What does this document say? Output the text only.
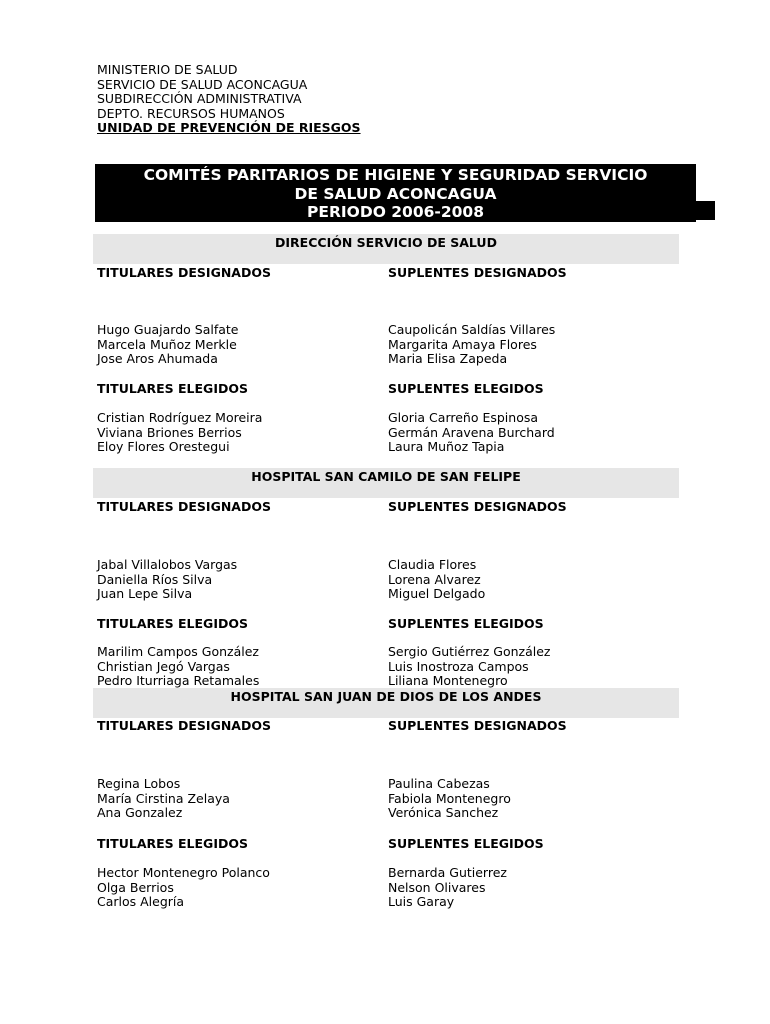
MINISTERIO DE SALUD
SERVICIO DE SALUD ACONCAGUA
SUBDIRECCIÓN ADMINISTRATIVA
DEPTO. RECURSOS HUMANOS
UNIDAD DE PREVENCIÓN DE RIESGOS
COMITÉS PARITARIOS DE HIGIENE Y SEGURIDAD SERVICIO
DE SALUD ACONCAGUA
PERIODO 2006-2008
DIRECCIÓN SERVICIO DE SALUD
TITULARES DESIGNADOS
Hugo Guajardo Salfate
Marcela Muñoz Merkle
Jose Aros Ahumada
TITULARES ELEGIDOS
Cristian Rodríguez Moreira
Viviana Briones Berrios
Eloy Flores Orestegui
SUPLENTES DESIGNADOS
Caupolicán Saldías Villares
Margarita Amaya Flores
Maria Elisa Zapeda
SUPLENTES ELEGIDOS
Gloria Carreño Espinosa
Germán Aravena Burchard
Laura Muñoz Tapia
HOSPITAL SAN CAMILO DE SAN FELIPE
TITULARES DESIGNADOS
Jabal Villalobos Vargas
Daniella Ríos Silva
Juan Lepe Silva
TITULARES ELEGIDOS
Marilim Campos González
Christian Jegó Vargas
Pedro Iturriaga Retamales
SUPLENTES DESIGNADOS
Claudia Flores
Lorena Alvarez
Miguel Delgado
SUPLENTES ELEGIDOS
Sergio Gutiérrez González
Luis Inostroza Campos
Liliana Montenegro
HOSPITAL SAN JUAN DE DIOS DE LOS ANDES
TITULARES DESIGNADOS
Regina Lobos
María Cirstina Zelaya
Ana Gonzalez
TITULARES ELEGIDOS
Hector Montenegro Polanco
Olga Berrios
Carlos Alegría
SUPLENTES DESIGNADOS
Paulina Cabezas
Fabiola Montenegro
Verónica Sanchez
SUPLENTES ELEGIDOS
Bernarda Gutierrez
Nelson Olivares
Luis Garay
